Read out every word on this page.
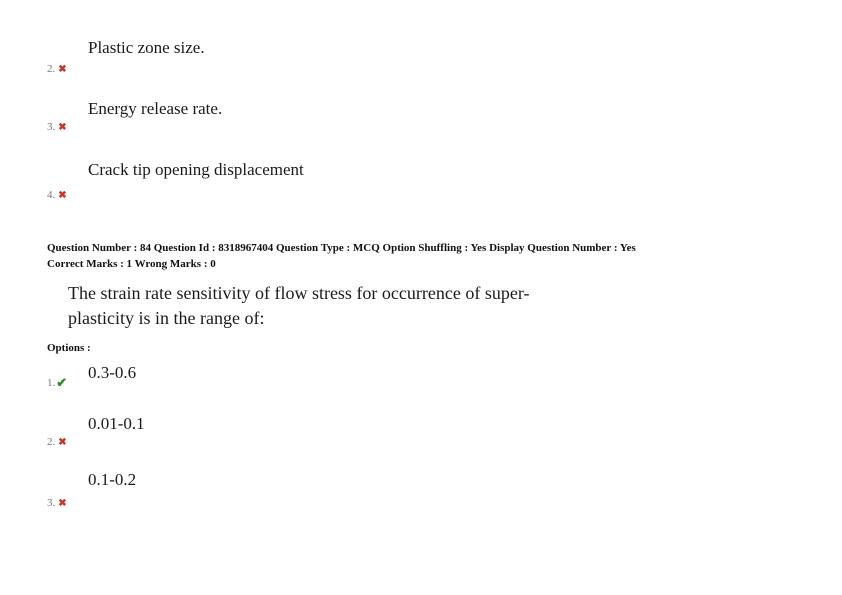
Plastic zone size.
2. ✖
Energy release rate.
3. ✖
Crack tip opening displacement
4. ✖
Question Number : 84 Question Id : 8318967404 Question Type : MCQ Option Shuffling : Yes Display Question Number : Yes
Correct Marks : 1 Wrong Marks : 0
The strain rate sensitivity of flow stress for occurrence of super-
plasticity is in the range of:
Options :
0.3-0.6
1. ✔
0.01-0.1
2. ✖
0.1-0.2
3. ✖
